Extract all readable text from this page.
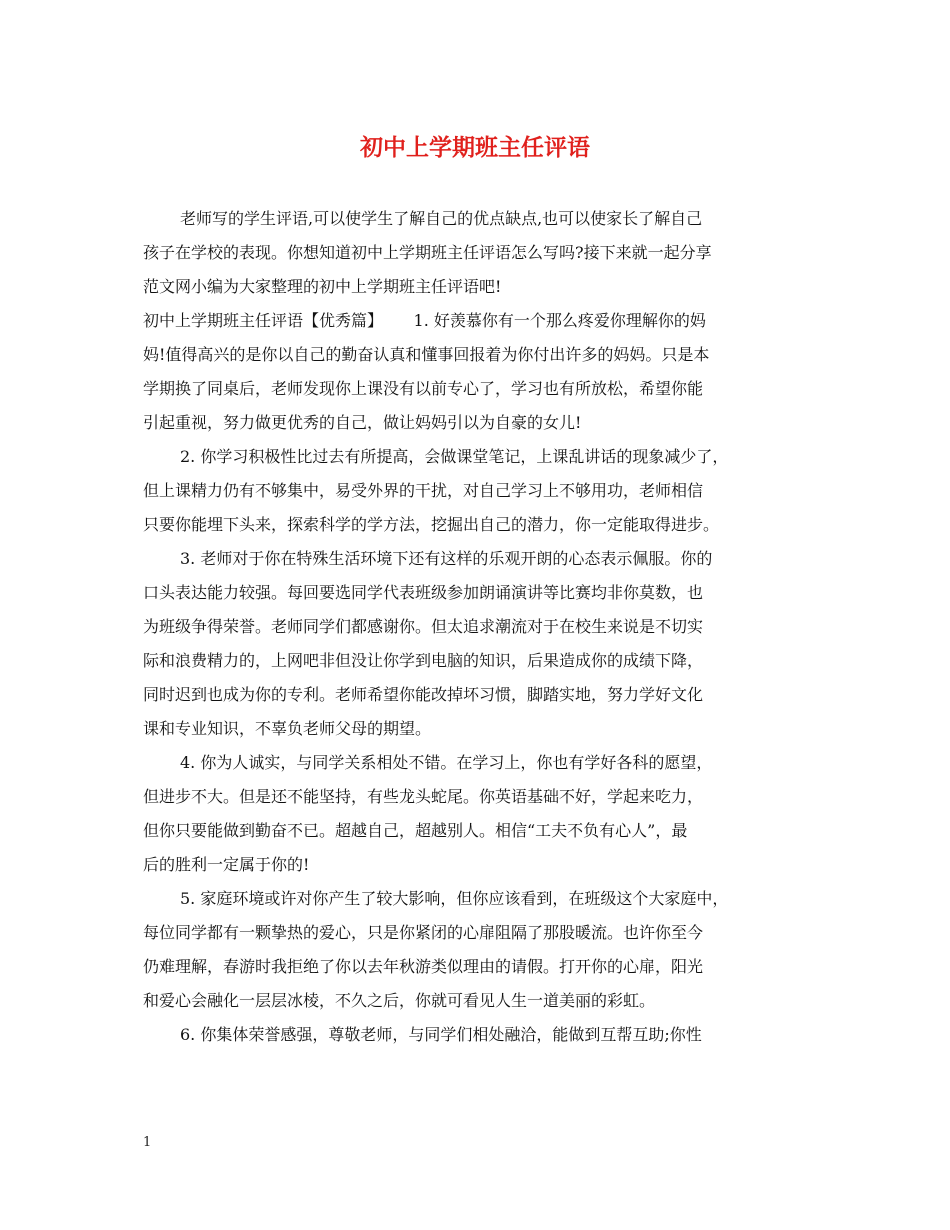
初中上学期班主任评语
老师写的学生评语,可以使学生了解自己的优点缺点,也可以使家长了解自己
孩子在学校的表现。你想知道初中上学期班主任评语怎么写吗?接下来就一起分享
范文网小编为大家整理的初中上学期班主任评语吧!
初中上学期班主任评语【优秀篇】      1. 好羡慕你有一个那么疼爱你理解你的妈
妈!值得高兴的是你以自己的勤奋认真和懂事回报着为你付出许多的妈妈。只是本
学期换了同桌后，老师发现你上课没有以前专心了，学习也有所放松，希望你能
引起重视，努力做更优秀的自己，做让妈妈引以为自豪的女儿!
2. 你学习积极性比过去有所提高，会做课堂笔记，上课乱讲话的现象减少了，
但上课精力仍有不够集中，易受外界的干扰，对自己学习上不够用功，老师相信
只要你能埋下头来，探索科学的学方法，挖掘出自己的潜力，你一定能取得进步。
3. 老师对于你在特殊生活环境下还有这样的乐观开朗的心态表示佩服。你的
口头表达能力较强。每回要选同学代表班级参加朗诵演讲等比赛均非你莫数，也
为班级争得荣誉。老师同学们都感谢你。但太追求潮流对于在校生来说是不切实
际和浪费精力的，上网吧非但没让你学到电脑的知识，后果造成你的成绩下降，
同时迟到也成为你的专利。老师希望你能改掉坏习惯，脚踏实地，努力学好文化
课和专业知识，不辜负老师父母的期望。
4. 你为人诚实，与同学关系相处不错。在学习上，你也有学好各科的愿望，
但进步不大。但是还不能坚持，有些龙头蛇尾。你英语基础不好，学起来吃力，
但你只要能做到勤奋不已。超越自己，超越别人。相信“工夫不负有心人”，最
后的胜利一定属于你的!
5. 家庭环境或许对你产生了较大影响，但你应该看到，在班级这个大家庭中，
每位同学都有一颗挚热的爱心，只是你紧闭的心扉阻隔了那股暖流。也许你至今
仍难理解，春游时我拒绝了你以去年秋游类似理由的请假。打开你的心扉，阳光
和爱心会融化一层层冰棱，不久之后，你就可看见人生一道美丽的彩虹。
6. 你集体荣誉感强，尊敬老师，与同学们相处融洽，能做到互帮互助;你性
1
